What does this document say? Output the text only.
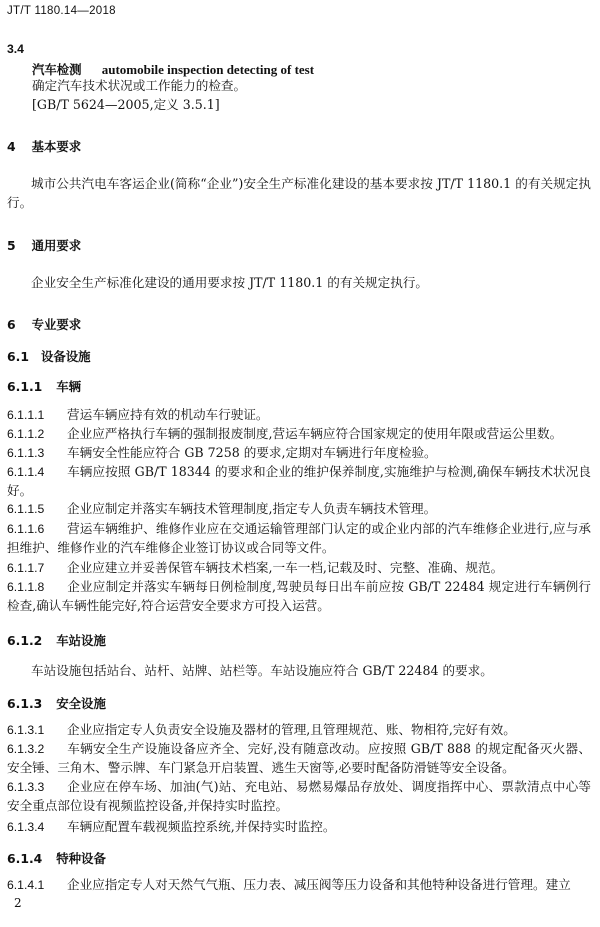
JT/T 1180.14—2018
3.4
汽车检测 automobile inspection detecting of test
确定汽车技术状况或工作能力的检查。
[GB/T 5624—2005,定义 3.5.1]
4 基本要求
城市公共汽电车客运企业(简称“企业”)安全生产标准化建设的基本要求按 JT/T 1180.1 的有关规定执行。
5 通用要求
企业安全生产标准化建设的通用要求按 JT/T 1180.1 的有关规定执行。
6 专业要求
6.1 设备设施
6.1.1 车辆
6.1.1.1 营运车辆应持有效的机动车行驶证。
6.1.1.2 企业应严格执行车辆的强制报废制度,营运车辆应符合国家规定的使用年限或营运公里数。
6.1.1.3 车辆安全性能应符合 GB 7258 的要求,定期对车辆进行年度检验。
6.1.1.4 车辆应按照 GB/T 18344 的要求和企业的维护保养制度,实施维护与检测,确保车辆技术状况良好。
6.1.1.5 企业应制定并落实车辆技术管理制度,指定专人负责车辆技术管理。
6.1.1.6 营运车辆维护、维修作业应在交通运输管理部门认定的或企业内部的汽车维修企业进行,应与承担维护、维修作业的汽车维修企业签订协议或合同等文件。
6.1.1.7 企业应建立并妥善保管车辆技术档案,一车一档,记载及时、完整、准确、规范。
6.1.1.8 企业应制定并落实车辆每日例检制度,驾驶员每日出车前应按 GB/T 22484 规定进行车辆例行检查,确认车辆性能完好,符合运营安全要求方可投入运营。
6.1.2 车站设施
车站设施包括站台、站杆、站牌、站栏等。车站设施应符合 GB/T 22484 的要求。
6.1.3 安全设施
6.1.3.1 企业应指定专人负责安全设施及器材的管理,且管理规范、账、物相符,完好有效。
6.1.3.2 车辆安全生产设施设备应齐全、完好,没有随意改动。应按照 GB/T 888 的规定配备灭火器、安全锤、三角木、警示牌、车门紧急开启装置、逃生天窗等,必要时配备防滑链等安全设备。
6.1.3.3 企业应在停车场、加油(气)站、充电站、易燃易爆品存放处、调度指挥中心、票款清点中心等安全重点部位设有视频监控设备,并保持实时监控。
6.1.3.4 车辆应配置车载视频监控系统,并保持实时监控。
6.1.4 特种设备
6.1.4.1 企业应指定专人对天然气气瓶、压力表、减压阀等压力设备和其他特种设备进行管理。建立
2
